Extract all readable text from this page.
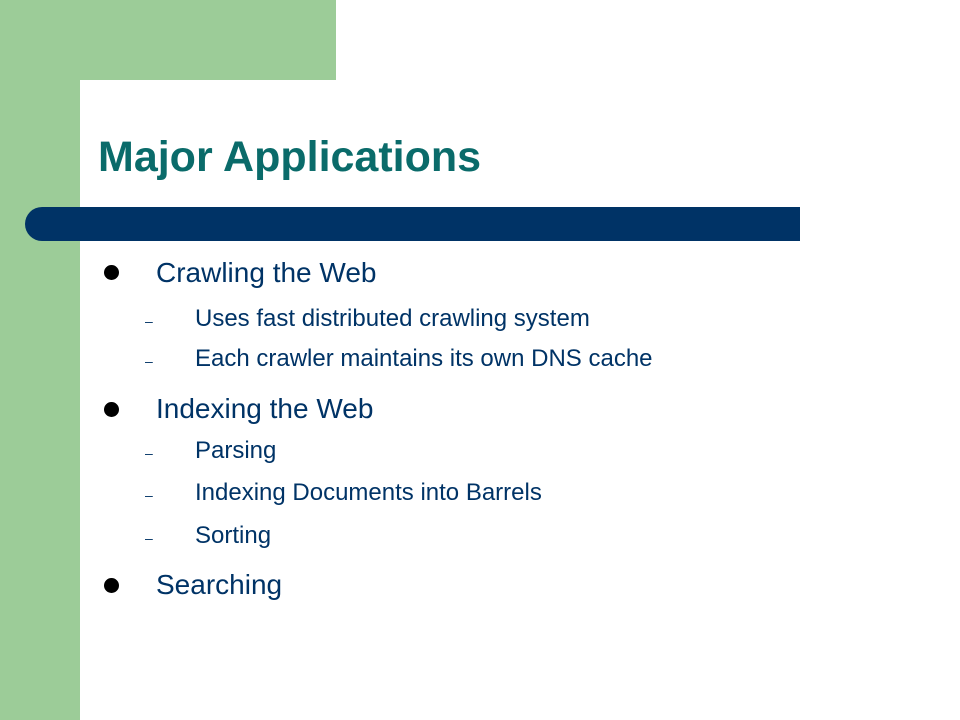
Major Applications
Crawling the Web
– Uses fast distributed crawling system
– Each crawler maintains its own DNS cache
Indexing the Web
– Parsing
– Indexing Documents into Barrels
– Sorting
Searching
